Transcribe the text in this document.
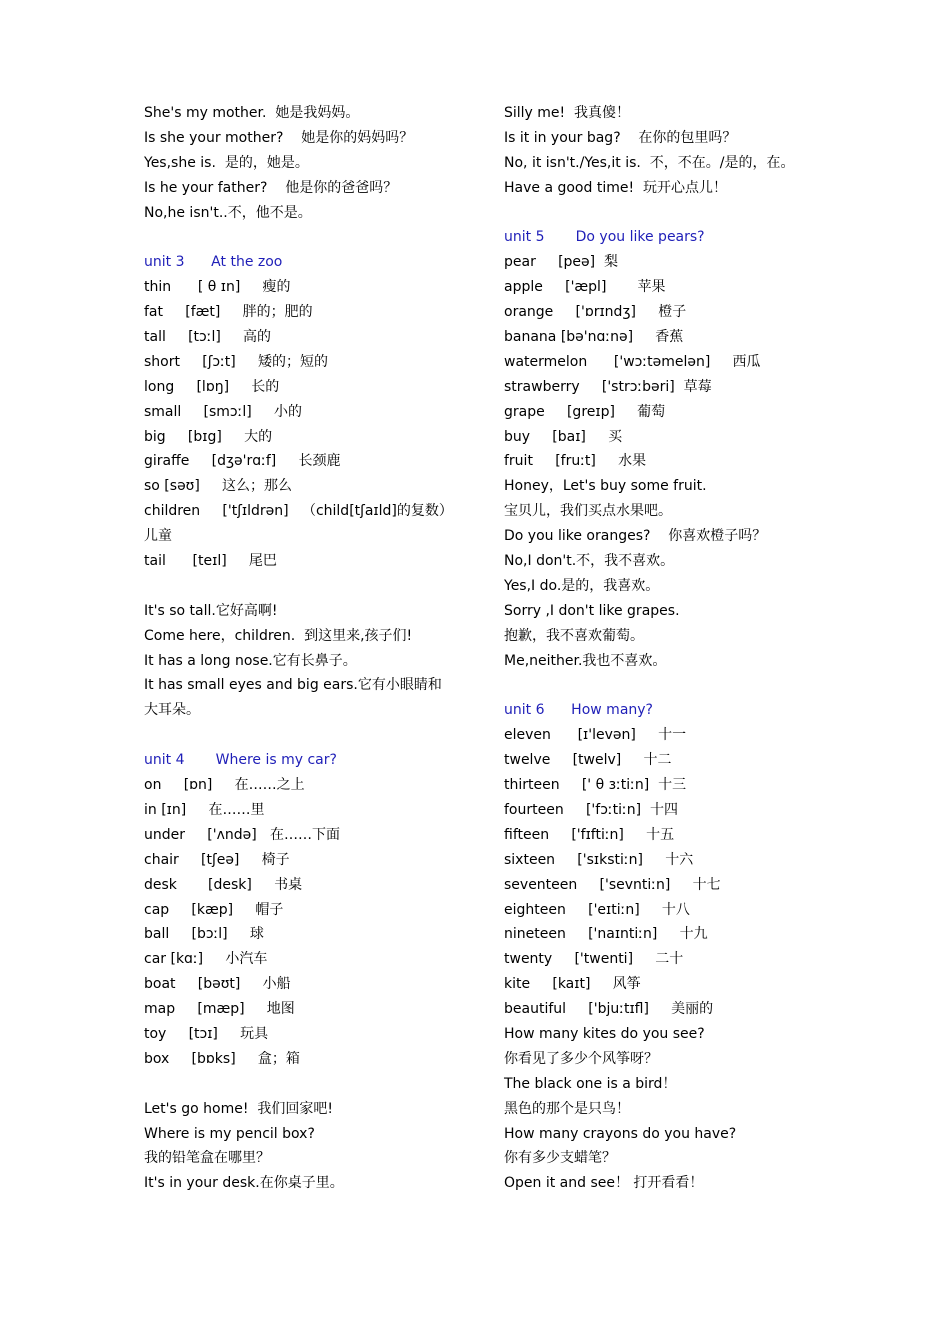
She's my mother.  她是我妈妈。
Is she your mother?    她是你的妈妈吗？
Yes,she is.  是的，她是。
Is he your father?    他是你的爸爸吗？
No,he isn't..不，他不是。
unit 3      At the zoo
thin      [ θ ɪn]     瘦的
fat     [fæt]     胖的；肥的
tall     [tɔːl]     高的
short     [ʃɔːt]     矮的；短的
long     [lɒŋ]     长的
small     [smɔːl]     小的
big     [bɪg]     大的
giraffe     [dʒə'rɑːf]     长颈鹿
so [səʊ]     这么；那么
children     ['tʃɪldrən]   （child[tʃaɪld]的复数）
儿童
tail      [teɪl]     尾巴
It's so tall.它好高啊!
Come here，children.  到这里来,孩子们!
It has a long nose.它有长鼻子。
It has small eyes and big ears.它有小眼睛和
大耳朵。
unit 4       Where is my car?
on     [ɒn]     在……之上
in [ɪn]     在……里
under     ['ʌndə]   在……下面
chair     [tʃeə]     椅子
desk       [desk]     书桌
cap     [kæp]     帽子
ball     [bɔːl]     球
car [kɑː]     小汽车
boat     [bəʊt]     小船
map     [mæp]     地图
toy     [tɔɪ]     玩具
box     [bɒks]     盒；箱
Let's go home!  我们回家吧!
Where is my pencil box?
我的铅笔盒在哪里？
It's in your desk.在你桌子里。
Silly me!  我真傻！
Is it in your bag?    在你的包里吗？
No, it isn't./Yes,it is.  不，不在。/是的，在。
Have a good time!  玩开心点儿！
unit 5       Do you like pears?
pear     [peə]  梨
apple     ['æpl]       苹果
orange     ['ɒrɪndʒ]     橙子
banana [bə'nɑːnə]     香蕉
watermelon      ['wɔːtəmelən]     西瓜
strawberry     ['strɔːbəri]  草莓
grape     [greɪp]     葡萄
buy     [baɪ]     买
fruit     [fruːt]     水果
Honey，Let's buy some fruit.
宝贝儿，我们买点水果吧。
Do you like oranges?    你喜欢橙子吗？
No,I don't.不，我不喜欢。
Yes,I do.是的，我喜欢。
Sorry ,I don't like grapes.
抱歉，我不喜欢葡萄。
Me,neither.我也不喜欢。
unit 6      How many?
eleven      [ɪ'levən]     十一
twelve     [twelv]     十二
thirteen     [' θ ɜːtiːn]  十三
fourteen     ['fɔːtiːn]  十四
fifteen     ['fɪftiːn]     十五
sixteen     ['sɪkstiːn]     十六
seventeen     ['sevntiːn]     十七
eighteen     ['eɪtiːn]     十八
nineteen     ['naɪntiːn]     十九
twenty     ['twenti]     二十
kite     [kaɪt]     风筝
beautiful     ['bjuːtɪfl]     美丽的
How many kites do you see?
你看见了多少个风筝呀？
The black one is a bird！
黑色的那个是只鸟！
How many crayons do you have?
你有多少支蜡笔？
Open it and see！ 打开看看！
